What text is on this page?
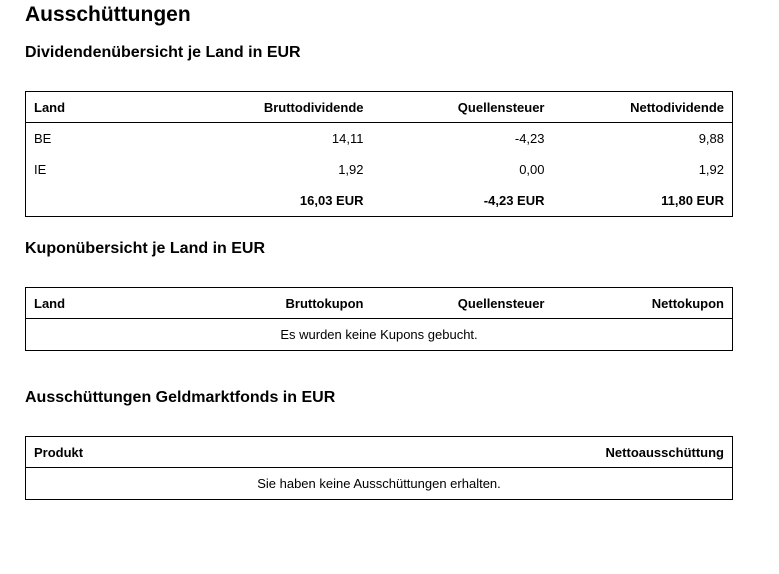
Ausschüttungen
Dividendenübersicht je Land in EUR
Land	Bruttodividende	Quellensteuer	Nettodividende
BE	14,11	-4,23	9,88
IE	1,92	0,00	1,92
	16,03 EUR	-4,23 EUR	11,80 EUR
Kuponübersicht je Land in EUR
Land	Bruttokupon	Quellensteuer	Nettokupon
Es wurden keine Kupons gebucht.
Ausschüttungen Geldmarktfonds in EUR
Produkt	Nettoausschüttung
Sie haben keine Ausschüttungen erhalten.
